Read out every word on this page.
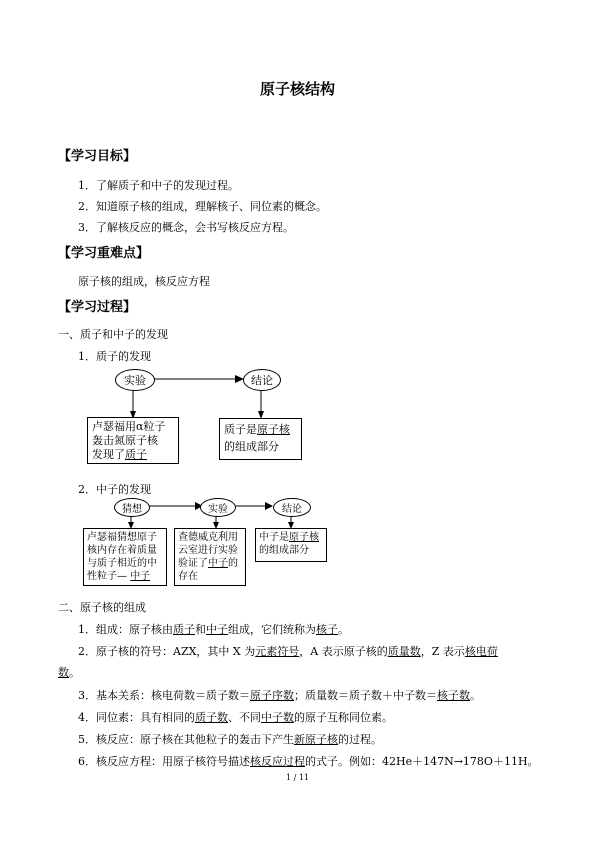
原子核结构
【学习目标】
1．了解质子和中子的发现过程。
2．知道原子核的组成，理解核子、同位素的概念。
3．了解核反应的概念，会书写核反应方程。
【学习重难点】
原子核的组成，核反应方程
【学习过程】
一、质子和中子的发现
1．质子的发现
实验	结论
卢瑟福用α粒子
轰击氮原子核
发现了质子
质子是原子核
的组成部分
2．中子的发现
猜想	实验	结论
卢瑟福猜想原子
核内存在着质量
与质子相近的中
性粒子— 中子
查德威克利用
云室进行实验
验证了中子的
存在
中子是原子核
的组成部分
二、原子核的组成
1．组成：原子核由质子和中子组成，它们统称为核子。
2．原子核的符号：AZX，其中 X 为元素符号，A 表示原子核的质量数，Z 表示核电荷
数。
3．基本关系：核电荷数＝质子数＝原子序数；质量数＝质子数＋中子数＝核子数。
4．同位素：具有相同的质子数、不同中子数的原子互称同位素。
5．核反应：原子核在其他粒子的轰击下产生新原子核的过程。
6．核反应方程：用原子核符号描述核反应过程的式子。例如：42He＋147N→178O＋11H。
1 / 11
